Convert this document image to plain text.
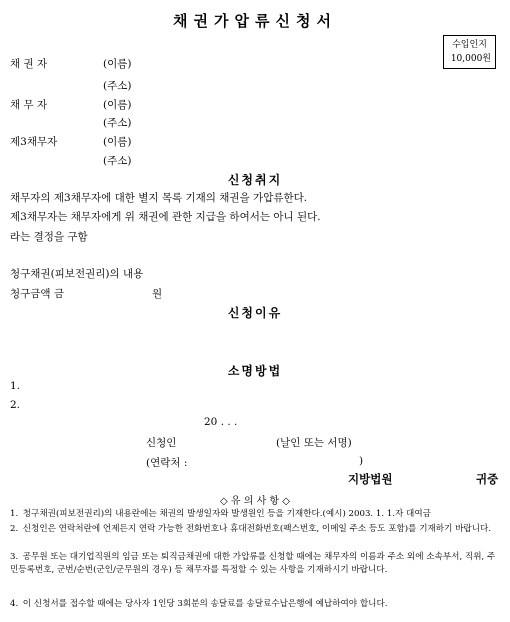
채권가압류신청서
수입인지
10,000원
채 권 자	(이름)
(주소)
채 무 자	(이름)
(주소)
제3채무자	(이름)
(주소)
신청취지
채무자의 제3채무자에 대한 별지 목록 기재의 채권을 가압류한다.
제3채무자는 채무자에게 위 채권에 관한 지급을 하여서는 아니 된다.
라는 결정을 구함
청구채권(피보전권리)의 내용
청구금액 금	원
신청이유
소명방법
1.
2.
20 . . .
신청인	(날인 또는 서명)
(연락처 :	)
지방법원	귀중
◇ 유 의 사 항 ◇
1. 청구채권(피보전권리)의 내용란에는 채권의 발생일자와 발생원인 등을 기재한다.(예시) 2003. 1. 1.자 대여금
2. 신청인은 연락처란에 언제든지 연락 가능한 전화번호나 휴대전화번호(팩스번호, 이메일 주소 등도 포함)를 기재하기 바랍니다.
3. 공무원 또는 대기업직원의 임금 또는 퇴직금채권에 대한 가압류를 신청할 때에는 채무자의 이름과 주소 외에 소속부서, 직위, 주민등록번호, 군번/순번(군인/군무원의 경우) 등 채무자를 특정할 수 있는 사항을 기재하시기 바랍니다.
4. 이 신청서를 접수할 때에는 당사자 1인당 3회분의 송달료를 송달료수납은행에 예납하여야 합니다.
